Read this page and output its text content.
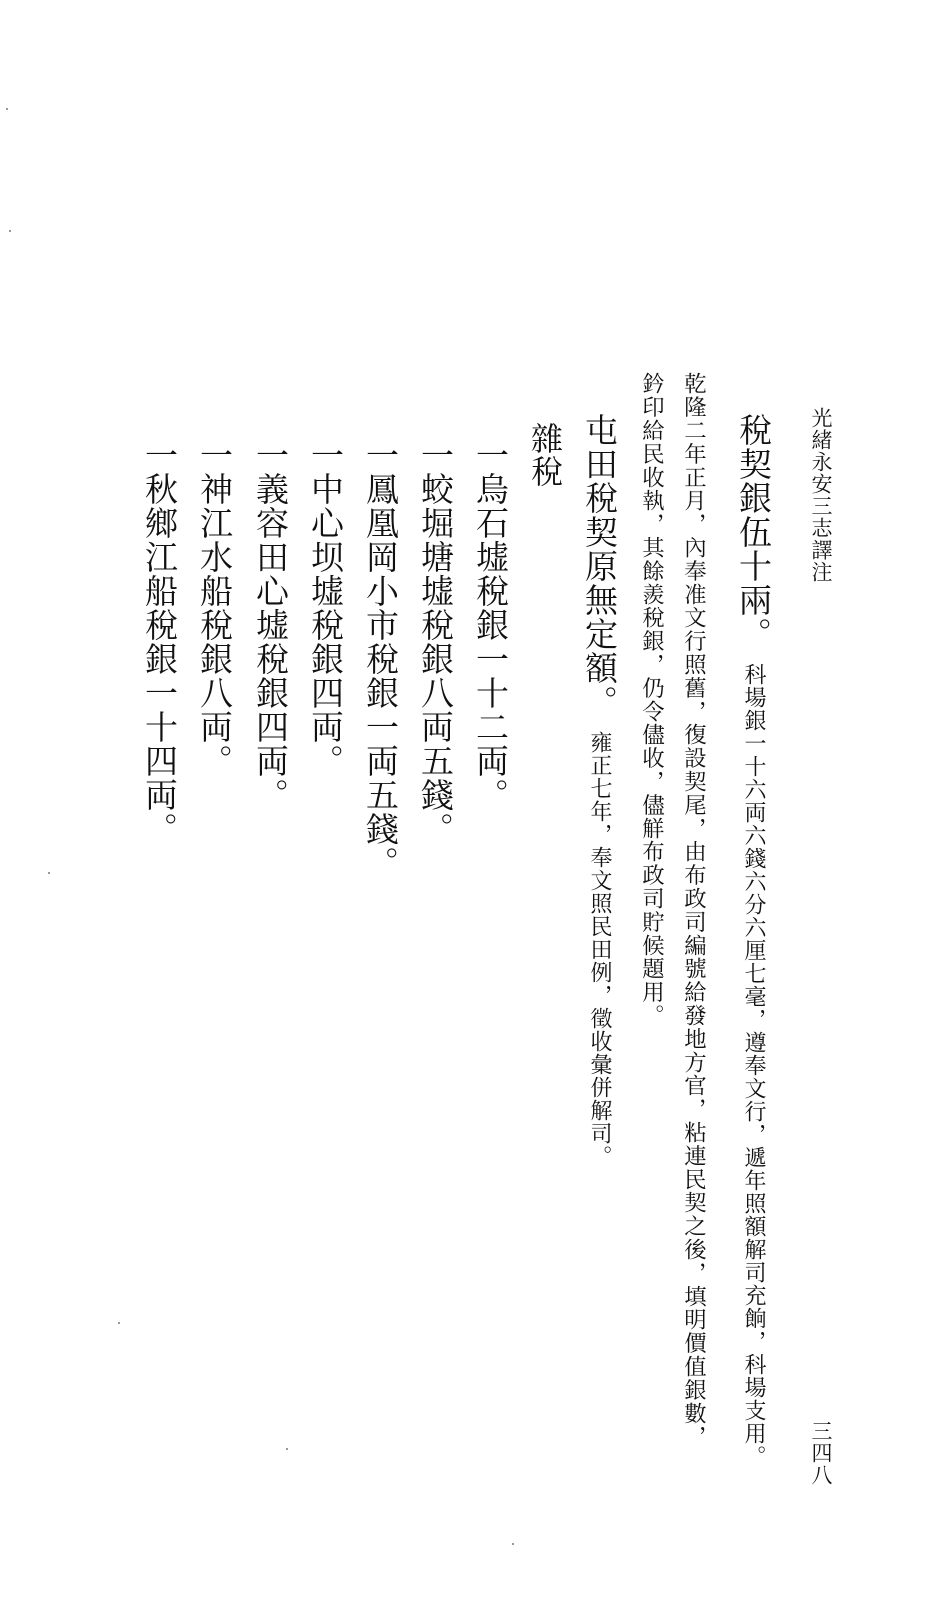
光緒永安三志譯注
三四八
稅契銀伍十兩。科場銀一十六両六錢六分六厘七毫，遵奉文行，遞年照額解司充餉，科場支用。
乾隆二年正月，內奉准文行照舊，復設契尾，由布政司編號給發地方官，粘連民契之後，填明價值銀數，
鈐印給民收執，其餘羨稅銀，仍令儘收，儘觧布政司貯候題用。
屯田稅契原無定額。雍正七年，奉文照民田例，徵收彙併解司。
雜稅
一烏石墟稅銀一十二両。
一蛟堀塘墟稅銀八両五錢。
一鳳凰岡小市稅銀一両五錢。
一中心坝墟稅銀四両。
一義容田心墟稅銀四両。
一神江水船稅銀八両。
一秋鄉江船稅銀一十四両。
